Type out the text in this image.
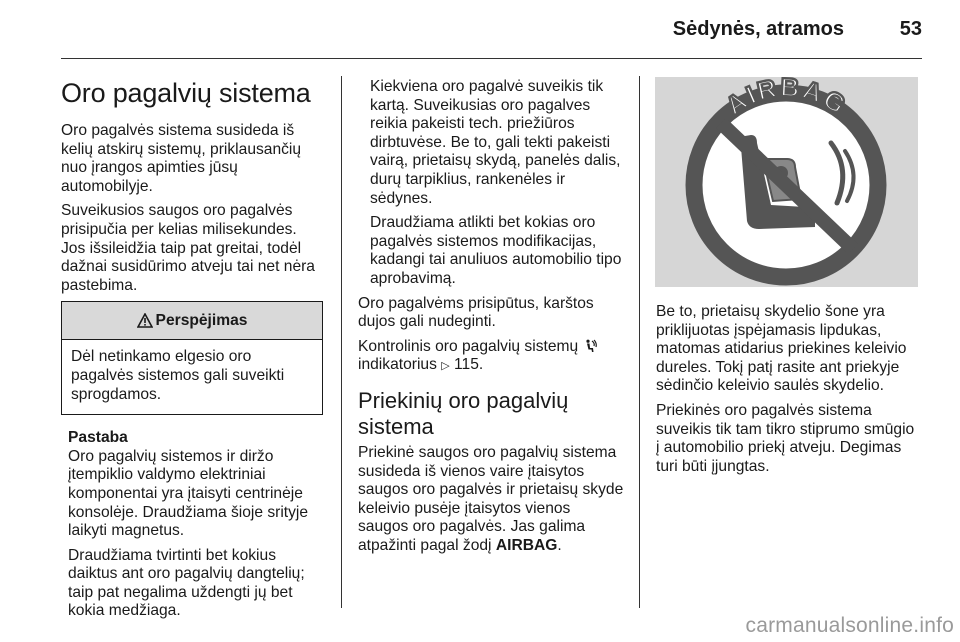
Sėdynės, atramos	53
Oro pagalvių sistema

Oro pagalvės sistema susideda iš kelių atskirų sistemų, priklausančių nuo įrangos apimties jūsų automobilyje.

Suveikusios saugos oro pagalvės prisipučia per kelias milisekundes. Jos išsileidžia taip pat greitai, todėl dažnai susidūrimo atveju tai net nėra pastebima.

Perspėjimas
Dėl netinkamo elgesio oro pagalvės sistemos gali suveikti sprogdamos.
Pastaba

Oro pagalvių sistemos ir diržo įtempiklio valdymo elektriniai komponentai yra įtaisyti centrinėje konsolėje. Draudžiama šioje srityje laikyti magnetus.

Draudžiama tvirtinti bet kokius daiktus ant oro pagalvių dangtelių; taip pat negalima uždengti jų bet kokia medžiaga.

Kiekviena oro pagalvė suveikis tik kartą. Suveikusias oro pagalves reikia pakeisti tech. priežiūros dirbtuvėse. Be to, gali tekti pakeisti vairą, prietaisų skydą, panelės dalis, durų tarpiklius, rankenėles ir sėdynes.

Draudžiama atlikti bet kokias oro pagalvės sistemos modifikacijas, kadangi tai anuliuos automobilio tipo aprobavimą.

Oro pagalvėms prisipūtus, karštos dujos gali nudeginti.

Kontrolinis oro pagalvių sistemų
indikatorius ▷ 115.

Priekinių oro pagalvių sistema

Priekinė saugos oro pagalvių sistema susideda iš vienos vaire įtaisytos saugos oro pagalvės ir prietaisų skyde keleivio pusėje įtaisytos vienos saugos oro pagalvės. Jas galima atpažinti pagal žodį AIRBAG.

AIRBAG

Be to, prietaisų skydelio šone yra priklijuotas įspėjamasis lipdukas, matomas atidarius priekines keleivio dureles. Tokį patį rasite ant priekyje sėdinčio keleivio saulės skydelio.

Priekinės oro pagalvės sistema suveikis tik tam tikro stiprumo smūgio į automobilio priekį atveju. Degimas turi būti įjungtas.

carmanualsonline.info
